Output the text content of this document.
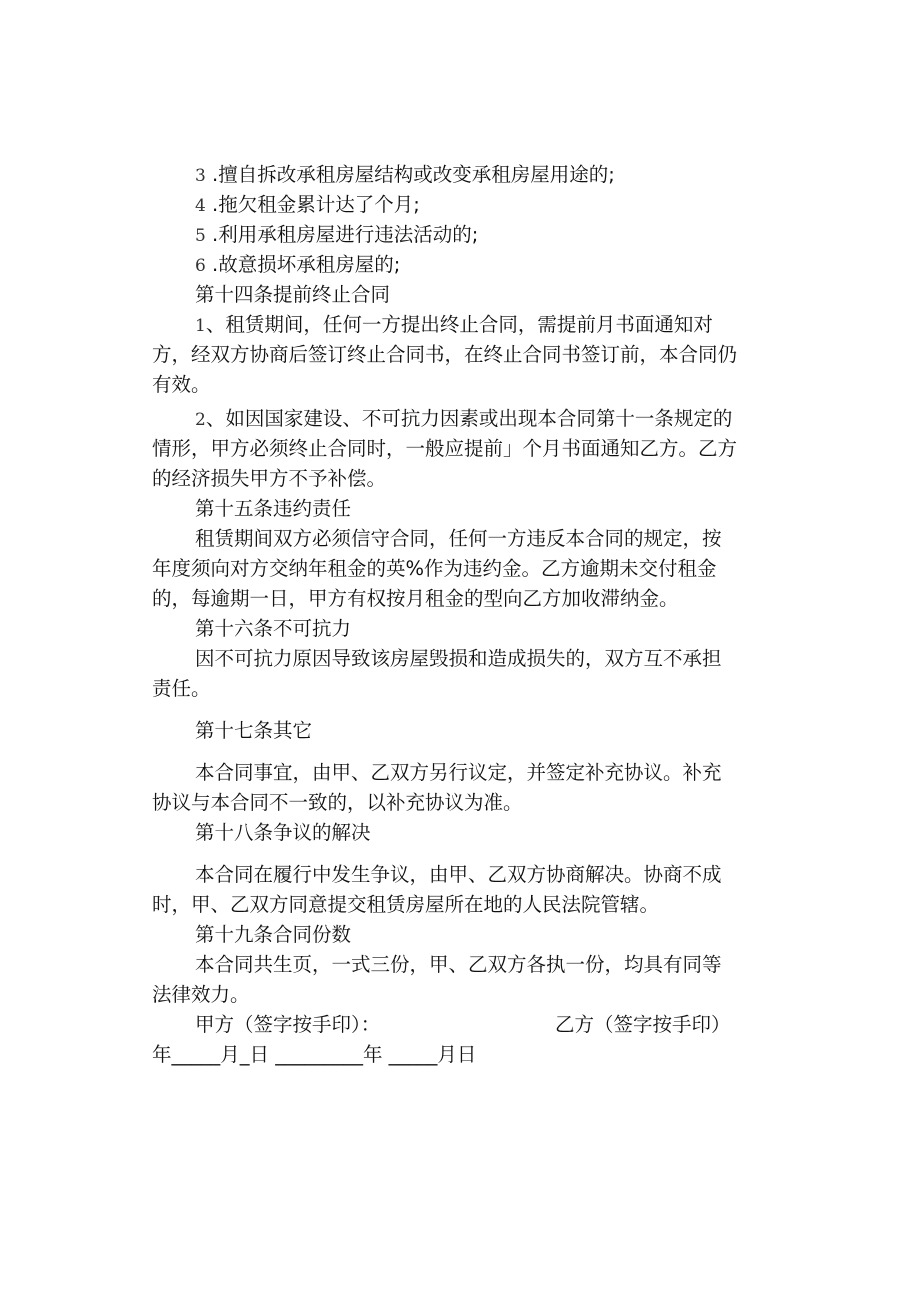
3 .擅自拆改承租房屋结构或改变承租房屋用途的;
4 .拖欠租金累计达了个月;
5 .利用承租房屋进行违法活动的;
6 .故意损坏承租房屋的;
第十四条提前终止合同
1、租赁期间，任何一方提出终止合同，需提前月书面通知对
方，经双方协商后签订终止合同书，在终止合同书签订前，本合同仍
有效。
2、如因国家建设、不可抗力因素或出现本合同第十一条规定的
情形，甲方必须终止合同时，一般应提前」个月书面通知乙方。乙方
的经济损失甲方不予补偿。
第十五条违约责任
租赁期间双方必须信守合同，任何一方违反本合同的规定，按
年度须向对方交纳年租金的英%作为违约金。乙方逾期未交付租金
的，每逾期一日，甲方有权按月租金的型向乙方加收滞纳金。
第十六条不可抗力
因不可抗力原因导致该房屋毁损和造成损失的，双方互不承担
责任。
第十七条其它
本合同事宜，由甲、乙双方另行议定，并签定补充协议。补充
协议与本合同不一致的，以补充协议为准。
第十八条争议的解决
本合同在履行中发生争议，由甲、乙双方协商解决。协商不成
时，甲、乙双方同意提交租赁房屋所在地的人民法院管辖。
第十九条合同份数
本合同共生页，一式三份，甲、乙双方各执一份，均具有同等
法律效力。
甲方（签字按手印）：	乙方（签字按手印）
年_____月_日 _________年 _____月日
